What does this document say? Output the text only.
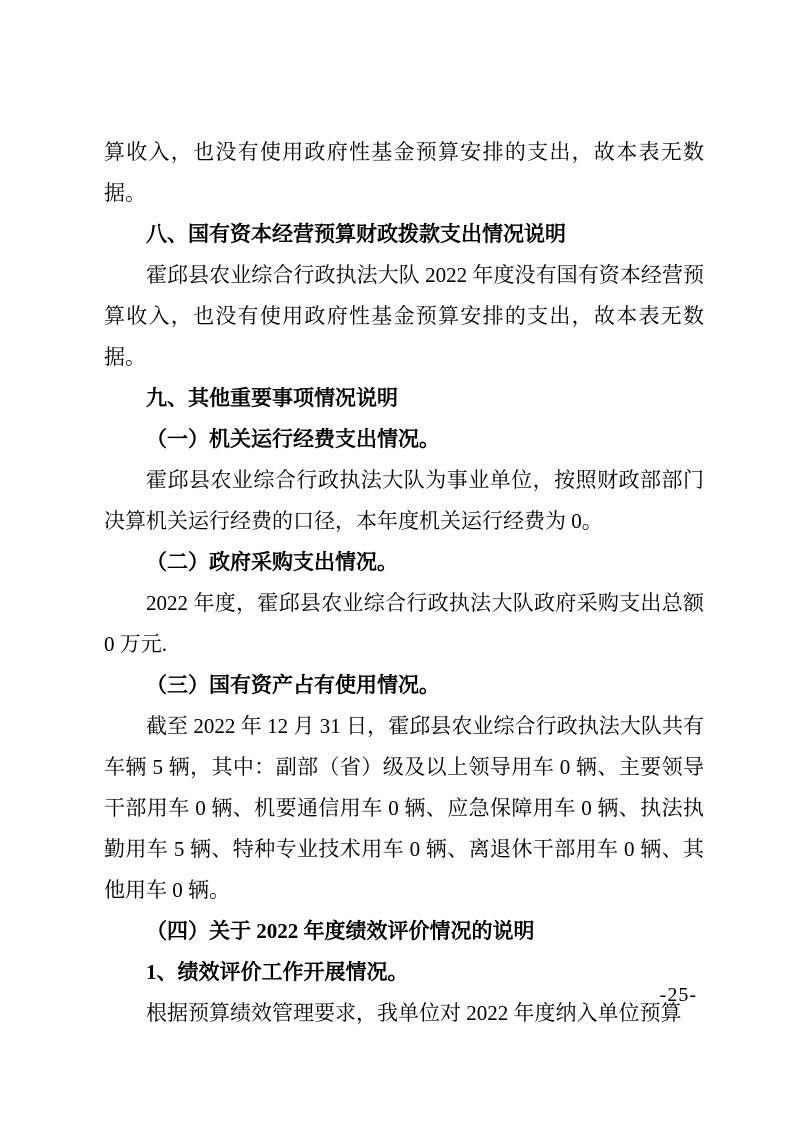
算收入，也没有使用政府性基金预算安排的支出，故本表无数据。

八、国有资本经营预算财政拨款支出情况说明

霍邱县农业综合行政执法大队 2022 年度没有国有资本经营预算收入，也没有使用政府性基金预算安排的支出，故本表无数据。

九、其他重要事项情况说明

（一）机关运行经费支出情况。

霍邱县农业综合行政执法大队为事业单位，按照财政部部门决算机关运行经费的口径，本年度机关运行经费为 0。

（二）政府采购支出情况。

2022 年度，霍邱县农业综合行政执法大队政府采购支出总额 0 万元.

（三）国有资产占有使用情况。

截至 2022 年 12 月 31 日，霍邱县农业综合行政执法大队共有车辆 5 辆，其中：副部（省）级及以上领导用车 0 辆、主要领导干部用车 0 辆、机要通信用车 0 辆、应急保障用车 0 辆、执法执勤用车 5 辆、特种专业技术用车 0 辆、离退休干部用车 0 辆、其他用车 0 辆。

（四）关于 2022 年度绩效评价情况的说明

1、绩效评价工作开展情况。

根据预算绩效管理要求，我单位对 2022 年度纳入单位预算

-25-
